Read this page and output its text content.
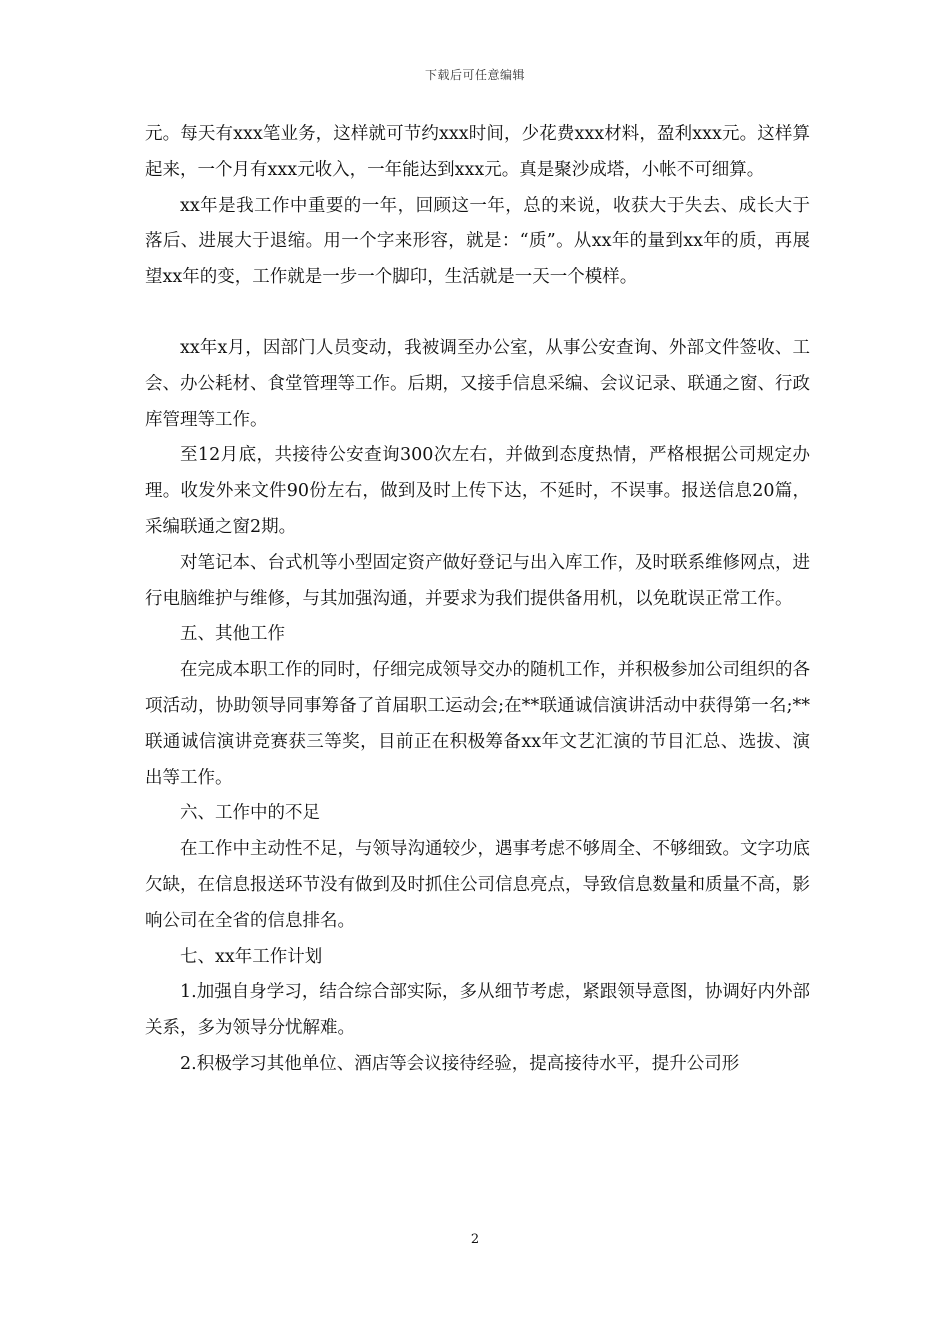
下载后可任意编辑

元。每天有xxx笔业务，这样就可节约xxx时间，少花费xxx材料，盈利xxx元。这样算起来，一个月有xxx元收入，一年能达到xxx元。真是聚沙成塔，小帐不可细算。

xx年是我工作中重要的一年，回顾这一年，总的来说，收获大于失去、成长大于落后、进展大于退缩。用一个字来形容，就是：“质”。从xx年的量到xx年的质，再展望xx年的变，工作就是一步一个脚印，生活就是一天一个模样。

xx年x月，因部门人员变动，我被调至办公室，从事公安查询、外部文件签收、工会、办公耗材、食堂管理等工作。后期，又接手信息采编、会议记录、联通之窗、行政库管理等工作。

至12月底，共接待公安查询300次左右，并做到态度热情，严格根据公司规定办理。收发外来文件90份左右，做到及时上传下达，不延时，不误事。报送信息20篇，采编联通之窗2期。

对笔记本、台式机等小型固定资产做好登记与出入库工作，及时联系维修网点，进行电脑维护与维修，与其加强沟通，并要求为我们提供备用机，以免耽误正常工作。

五、其他工作

在完成本职工作的同时，仔细完成领导交办的随机工作，并积极参加公司组织的各项活动，协助领导同事筹备了首届职工运动会;在**联通诚信演讲活动中获得第一名;**联通诚信演讲竞赛获三等奖，目前正在积极筹备xx年文艺汇演的节目汇总、选拔、演出等工作。

六、工作中的不足

在工作中主动性不足，与领导沟通较少，遇事考虑不够周全、不够细致。文字功底欠缺，在信息报送环节没有做到及时抓住公司信息亮点，导致信息数量和质量不高，影响公司在全省的信息排名。

七、xx年工作计划

1.加强自身学习，结合综合部实际，多从细节考虑，紧跟领导意图，协调好内外部关系，多为领导分忧解难。

2.积极学习其他单位、酒店等会议接待经验，提高接待水平，提升公司形

2
